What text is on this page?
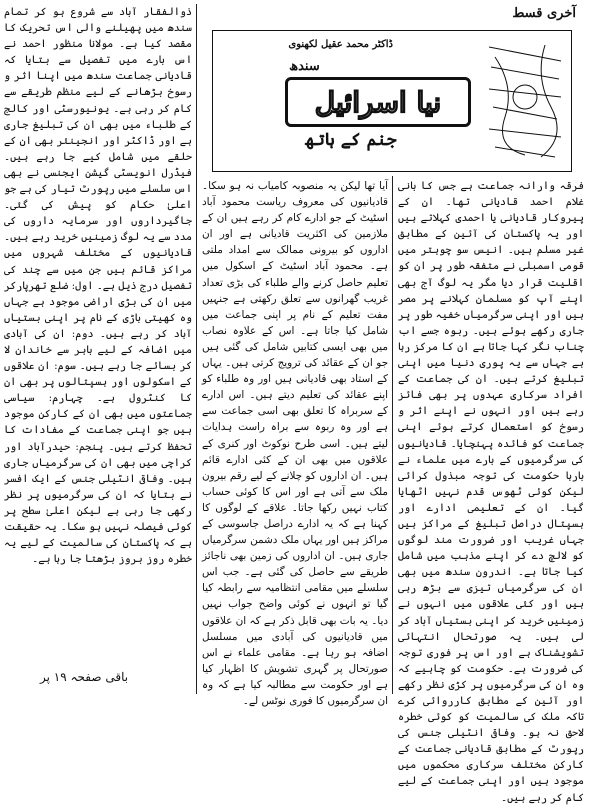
آخری قسط
ڈاکٹر محمد عقیل لکھنوی
سندھ
نیا اسرائیل
جنم کے ہاتھ
ذوالفقار آباد سے شروع ہو کر تمام سندھ میں پھیلنے والی اس تحریک کا مقصد کیا ہے۔ مولانا منظور احمد نے اس بارے میں تفصیل سے بتایا کہ قادیانی جماعت سندھ میں اپنا اثر و رسوخ بڑھانے کے لیے منظم طریقے سے کام کر رہی ہے۔ یونیورسٹی اور کالج کے طلباء میں بھی ان کی تبلیغ جاری ہے اور ڈاکٹر اور انجینئر بھی ان کے حلقے میں شامل کیے جا رہے ہیں۔ فیڈرل انویسٹی گیشن ایجنسی نے بھی اس سلسلے میں رپورٹ تیار کی ہے جو اعلیٰ حکام کو پیش کی گئی۔ جاگیرداروں اور سرمایہ داروں کی مدد سے یہ لوگ زمینیں خرید رہے ہیں۔ قادیانیوں کے مختلف شہروں میں مراکز قائم ہیں جن میں سے چند کی تفصیل درج ذیل ہے۔ اول: ضلع تھرپارکر میں ان کی بڑی اراضی موجود ہے جہاں وہ کھیتی باڑی کے نام پر اپنی بستیاں آباد کر رہے ہیں۔ دوم: ان کی آبادی میں اضافہ کے لیے باہر سے خاندان لا کر بسائے جا رہے ہیں۔ سوم: ان علاقوں کے اسکولوں اور ہسپتالوں پر بھی ان کا کنٹرول ہے۔ چہارم: سیاسی جماعتوں میں بھی ان کے کارکن موجود ہیں جو اپنی جماعت کے مفادات کا تحفظ کرتے ہیں۔ پنجم: حیدرآباد اور کراچی میں بھی ان کی سرگرمیاں جاری ہیں۔ وفاقی انٹیلی جنس کے ایک افسر نے بتایا کہ ان کی سرگرمیوں پر نظر رکھی جا رہی ہے لیکن اعلیٰ سطح پر کوئی فیصلہ نہیں ہو سکا۔ یہ حقیقت ہے کہ پاکستان کی سالمیت کے لیے یہ خطرہ روز بروز بڑھتا جا رہا ہے۔
آیا تھا لیکن یہ منصوبہ کامیاب نہ ہو سکا۔ قادیانیوں کی معروف ریاست محمود آباد اسٹیٹ کے جو ادارے کام کر رہے ہیں ان کے ملازمین کی اکثریت قادیانی ہے اور ان اداروں کو بیرونی ممالک سے امداد ملتی ہے۔ محمود آباد اسٹیٹ کے اسکول میں تعلیم حاصل کرنے والے طلباء کی بڑی تعداد غریب گھرانوں سے تعلق رکھتی ہے جنہیں مفت تعلیم کے نام پر اپنی جماعت میں شامل کیا جاتا ہے۔ اس کے علاوہ نصاب میں بھی ایسی کتابیں شامل کی گئی ہیں جو ان کے عقائد کی ترویج کرتی ہیں۔ یہاں کے استاد بھی قادیانی ہیں اور وہ طلباء کو اپنے عقائد کی تعلیم دیتے ہیں۔ اس ادارے کے سربراہ کا تعلق بھی اسی جماعت سے ہے اور وہ ربوہ سے براہ راست ہدایات لیتے ہیں۔ اسی طرح نوکوٹ اور کنری کے علاقوں میں بھی ان کے کئی ادارے قائم ہیں۔ ان اداروں کو چلانے کے لیے رقم بیرون ملک سے آتی ہے اور اس کا کوئی حساب کتاب نہیں رکھا جاتا۔ علاقے کے لوگوں کا کہنا ہے کہ یہ ادارے دراصل جاسوسی کے مراکز ہیں اور یہاں ملک دشمن سرگرمیاں جاری ہیں۔ ان اداروں کی زمین بھی ناجائز طریقے سے حاصل کی گئی ہے۔ جب اس سلسلے میں مقامی انتظامیہ سے رابطہ کیا گیا تو انہوں نے کوئی واضح جواب نہیں دیا۔ یہ بات بھی قابل ذکر ہے کہ ان علاقوں میں قادیانیوں کی آبادی میں مسلسل اضافہ ہو رہا ہے۔ مقامی علماء نے اس صورتحال پر گہری تشویش کا اظہار کیا ہے اور حکومت سے مطالبہ کیا ہے کہ وہ ان سرگرمیوں کا فوری نوٹس لے۔
فرقہ وارانہ جماعت ہے جس کا بانی غلام احمد قادیانی تھا۔ ان کے پیروکار قادیانی یا احمدی کہلاتے ہیں اور یہ پاکستان کی آئین کے مطابق غیر مسلم ہیں۔ انیس سو چوہتر میں قومی اسمبلی نے متفقہ طور پر ان کو اقلیت قرار دیا مگر یہ لوگ آج بھی اپنے آپ کو مسلمان کہلانے پر مصر ہیں اور اپنی سرگرمیاں خفیہ طور پر جاری رکھے ہوئے ہیں۔ ربوہ جسے اب چناب نگر کہا جاتا ہے ان کا مرکز رہا ہے جہاں سے یہ پوری دنیا میں اپنی تبلیغ کرتے ہیں۔ ان کی جماعت کے افراد سرکاری عہدوں پر بھی فائز رہے ہیں اور انہوں نے اپنے اثر و رسوخ کو استعمال کرتے ہوئے اپنی جماعت کو فائدہ پہنچایا۔ قادیانیوں کی سرگرمیوں کے بارے میں علماء نے بارہا حکومت کی توجہ مبذول کرائی لیکن کوئی ٹھوس قدم نہیں اٹھایا گیا۔ ان کے تعلیمی ادارے اور ہسپتال دراصل تبلیغ کے مراکز ہیں جہاں غریب اور ضرورت مند لوگوں کو لالچ دے کر اپنے مذہب میں شامل کیا جاتا ہے۔ اندرون سندھ میں بھی ان کی سرگرمیاں تیزی سے بڑھ رہی ہیں اور کئی علاقوں میں انہوں نے زمینیں خرید کر اپنی بستیاں آباد کر لی ہیں۔ یہ صورتحال انتہائی تشویشناک ہے اور اس پر فوری توجہ کی ضرورت ہے۔ حکومت کو چاہیے کہ وہ ان کی سرگرمیوں پر کڑی نظر رکھے اور آئین کے مطابق کارروائی کرے تاکہ ملک کی سالمیت کو کوئی خطرہ لاحق نہ ہو۔ وفاقی انٹیلی جنس کی رپورٹ کے مطابق قادیانی جماعت کے کارکن مختلف سرکاری محکموں میں موجود ہیں اور اپنی جماعت کے لیے کام کر رہے ہیں۔
باقی صفحہ ۱۹ پر
